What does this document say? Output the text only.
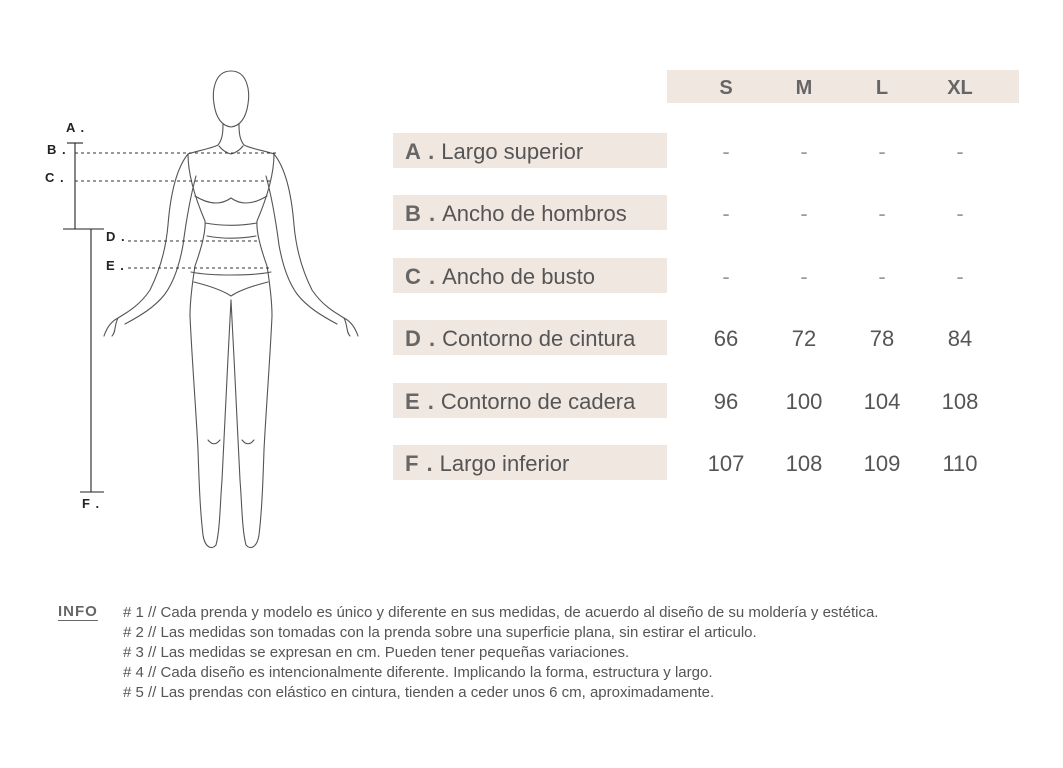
A .
B .
C .
D .
E .
F .
S	M	L	XL
A . Largo superior	-	-	-	-
B . Ancho de hombros	-	-	-	-
C . Ancho de busto	-	-	-	-
D . Contorno de cintura	66	72	78	84
E . Contorno de cadera	96	100	104	108
F . Largo inferior	107	108	109	110
INFO # 1 // Cada prenda y modelo es único y diferente en sus medidas, de acuerdo al diseño de su moldería y estética.
# 2 // Las medidas son tomadas con la prenda sobre una superficie plana, sin estirar el articulo.
# 3 // Las medidas se expresan en cm. Pueden tener pequeñas variaciones.
# 4 // Cada diseño es intencionalmente diferente. Implicando la forma, estructura y largo.
# 5 // Las prendas con elástico en cintura, tienden a ceder unos 6 cm, aproximadamente.
